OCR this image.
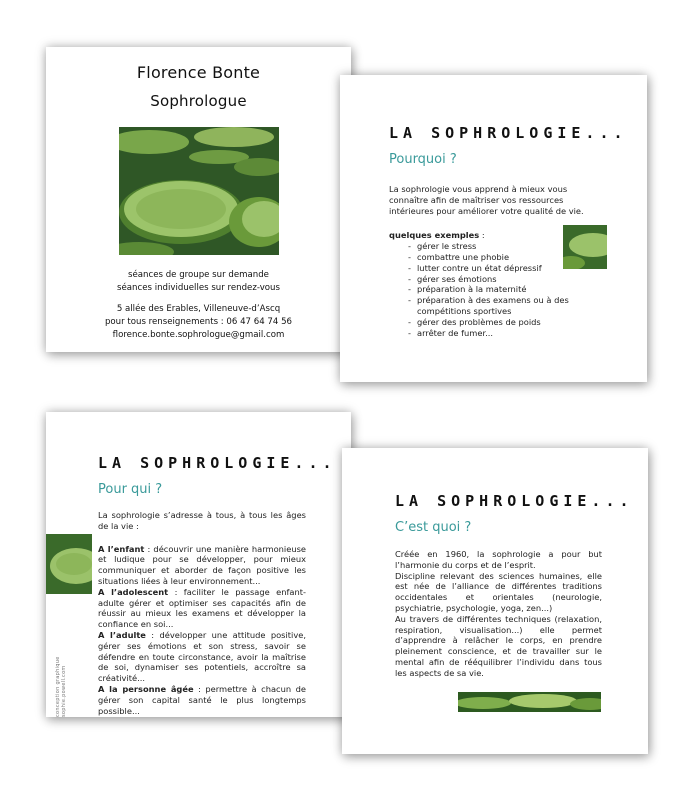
Florence Bonte
Sophrologue
séances de groupe sur demande
séances individuelles sur rendez-vous
5 allée des Erables, Villeneuve-d’Ascq
pour tous renseignements : 06 47 64 74 56
florence.bonte.sophrologue@gmail.com
LA SOPHROLOGIE...
Pourquoi ?
La sophrologie vous apprend à mieux vous connaître afin de maîtriser vos ressources intérieures pour améliorer votre qualité de vie.
quelques exemples :
- gérer le stress
- combattre une phobie
- lutter contre un état dépressif
- gérer ses émotions
- préparation à la maternité
- préparation à des examens ou à des compétitions sportives
- gérer des problèmes de poids
- arrêter de fumer...
LA SOPHROLOGIE...
Pour qui ?
La sophrologie s’adresse à tous, à tous les âges de la vie :
A l’enfant : découvrir une manière harmonieuse et ludique pour se développer, pour mieux communiquer et aborder de façon positive les situations liées à leur environnement...
A l’adolescent : faciliter le passage enfant-adulte gérer et optimiser ses capacités afin de réussir au mieux les examens et développer la confiance en soi...
A l’adulte : développer une attitude positive, gérer ses émotions et son stress, savoir se défendre en toute circonstance, avoir la maîtrise de soi, dynamiser ses potentiels, accroître sa créativité...
A la personne âgée : permettre à chacun de gérer son capital santé le plus longtemps possible...
conception graphique sophie.powell.com
LA SOPHROLOGIE...
C’est quoi ?
Créée en 1960, la sophrologie a pour but l’harmonie du corps et de l’esprit.
Discipline relevant des sciences humaines, elle est née de l’alliance de différentes traditions occidentales et orientales (neurologie, psychiatrie, psychologie, yoga, zen...)
Au travers de différentes techniques (relaxation, respiration, visualisation...) elle permet d’apprendre à relâcher le corps, en prendre pleinement conscience, et de travailler sur le mental afin de rééquilibrer l’individu dans tous les aspects de sa vie.
